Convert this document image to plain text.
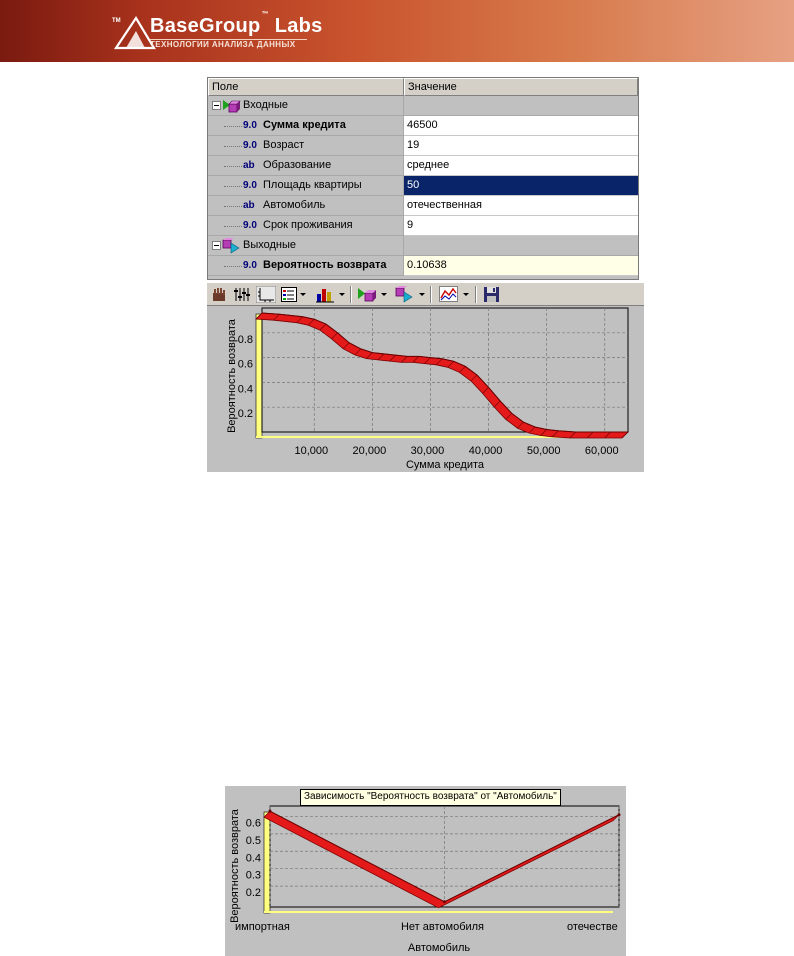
TM BaseGroup™ Labs
ТЕХНОЛОГИИ АНАЛИЗА ДАННЫХ
Поле	Значение
Входные
9.0 Сумма кредита	46500
9.0 Возраст	19
ab Образование	среднее
9.0 Площадь квартиры	50
ab Автомобиль	отечественная
9.0 Срок проживания	9
Выходные
9.0 Вероятность возврата 0.10638
10,000 20,000 30,000 40,000 50,000 60,000
0.2
0.4
0.6
0.8
Сумма кредита
Вероятность возврата
0.2
0.3
0.4
0.5
0.6
импортная	Нет автомобиля	отечестве
Автомобиль
Вероятность возврата
Зависимость "Вероятность возврата" от "Автомобиль"
